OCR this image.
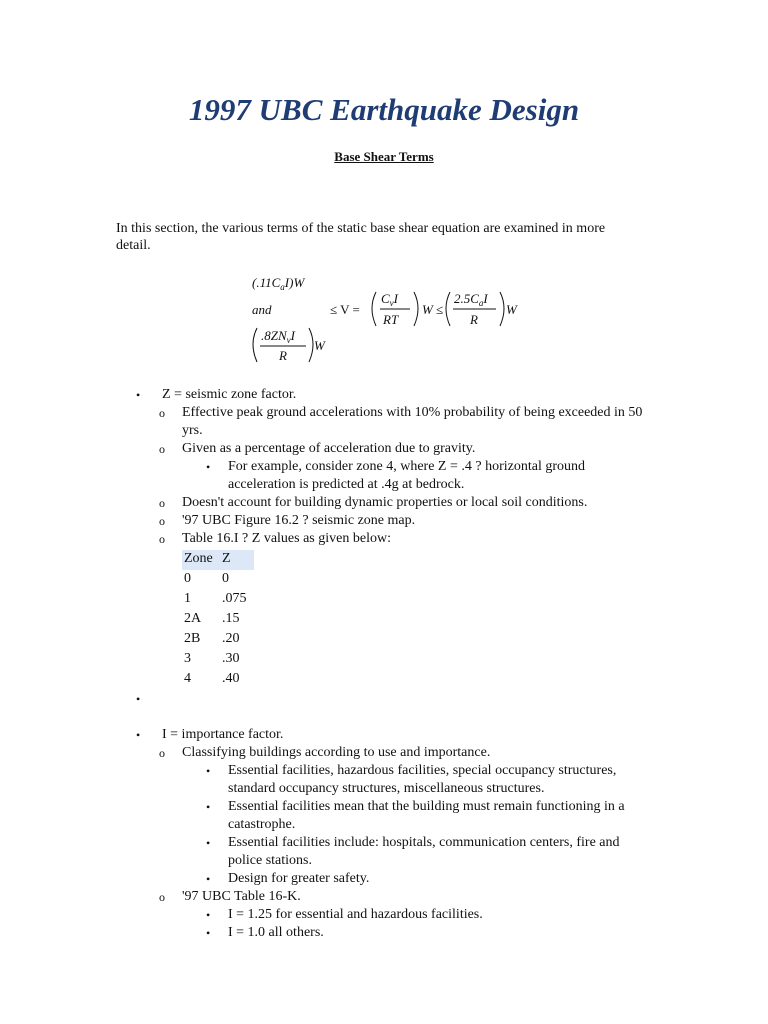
1997 UBC Earthquake Design
Base Shear Terms

In this section, the various terms of the static base shear equation are examined in more detail.

$(.11C_aI)W$
and	≤ V =
$C_vI$
RT
W ≤
$2.5C_aI$
R
W
$.8ZN_vI$
R
W
• Z = seismic zone factor.
o Effective peak ground accelerations with 10% probability of being exceeded in 50 yrs.
o Given as a percentage of acceleration due to gravity.
• For example, consider zone 4, where Z = .4 ? horizontal ground acceleration is predicted at .4g at bedrock.
o Doesn't account for building dynamic properties or local soil conditions.
o '97 UBC Figure 16.2 ? seismic zone map.
o Table 16.I ? Z values as given below:
Zone	Z
0	0
1	.075
2A	.15
2B	.20
3	.30
4	.40
•
• I = importance factor.
o Classifying buildings according to use and importance.
• Essential facilities, hazardous facilities, special occupancy structures, standard occupancy structures, miscellaneous structures.
• Essential facilities mean that the building must remain functioning in a catastrophe.
• Essential facilities include: hospitals, communication centers, fire and police stations.
• Design for greater safety.
o '97 UBC Table 16-K.
• I = 1.25 for essential and hazardous facilities.
• I = 1.0 all others.
